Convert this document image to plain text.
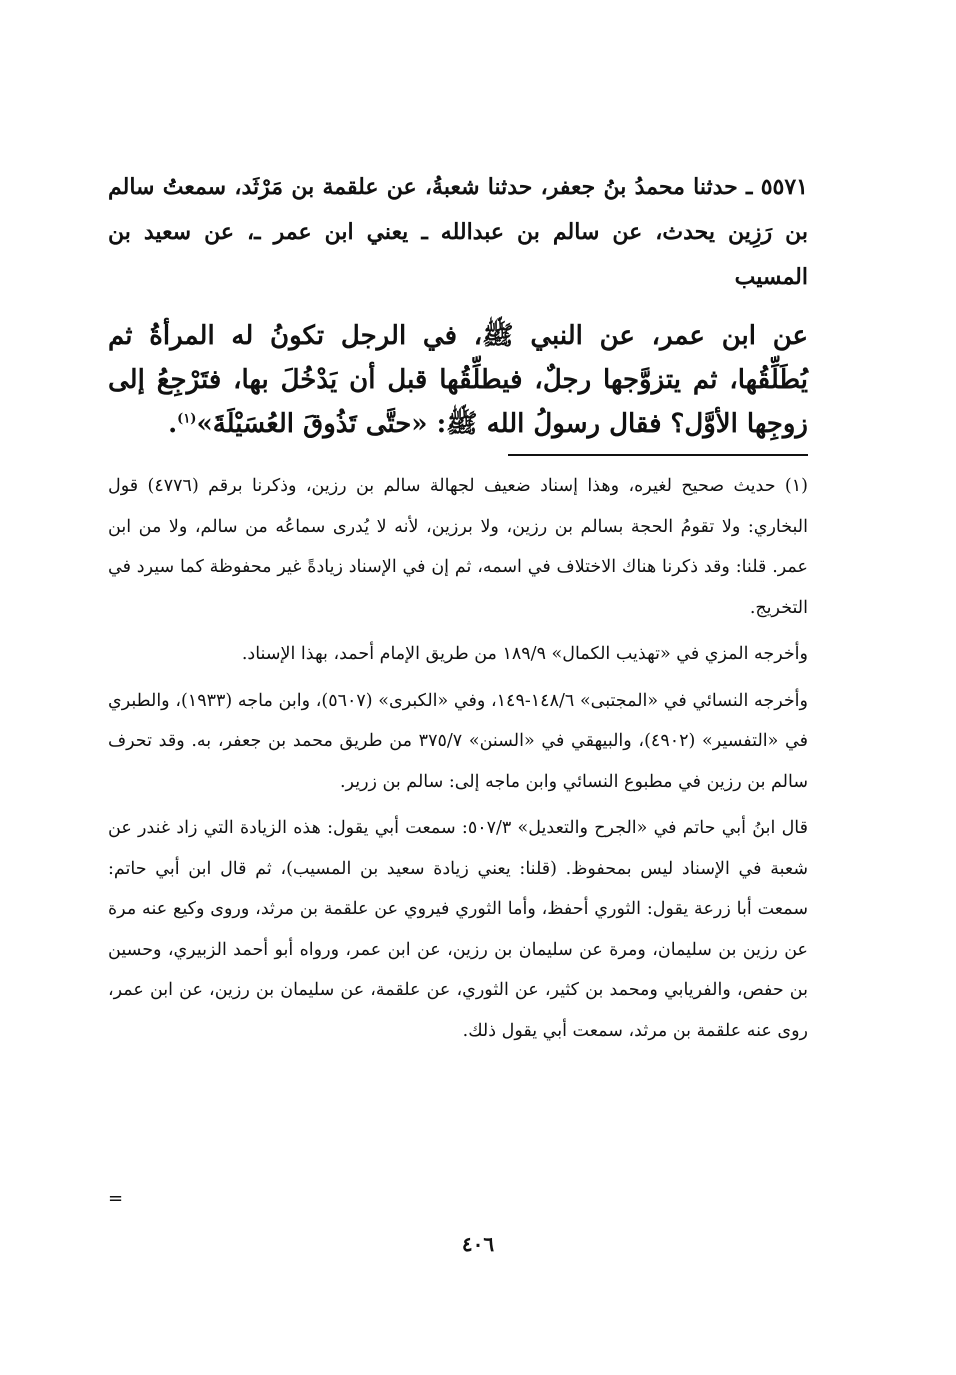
٥٥٧١ ـ حدثنا محمدُ بنُ جعفر، حدثنا شعبةُ، عن علقمة بن مَرْثَد، سمعتُ سالم بن رَزِين يحدث، عن سالم بن عبدالله ـ يعني ابن عمر ـ، عن سعيد بن المسيب

عن ابن عمر، عن النبي ﷺ، في الرجل تكونُ له المرأةُ ثم يُطَلِّقُها، ثم يتزوَّجها رجلٌ، فيطلِّقُها قبل أن يَدْخُلَ بها، فتَرْجِعُ إلى زوجِها الأوَّل؟ فقال رسولُ الله ﷺ: «حتَّى تَذُوقَ العُسَيْلَةَ»$^{(١)}$.

(١) حديث صحيح لغيره، وهذا إسناد ضعيف لجهالة سالم بن رزين، وذكرنا برقم (٤٧٧٦) قول البخاري: ولا تقومُ الحجة بسالم بن رزين، ولا برزين، لأنه لا يُدرى سماعُه من سالم، ولا من ابن عمر. قلنا: وقد ذكرنا هناك الاختلاف في اسمه، ثم إن في الإسناد زيادةً غير محفوظة كما سيرد في التخريج.

وأخرجه المزي في «تهذيب الكمال» ١٨٩/٩ من طريق الإمام أحمد، بهذا الإسناد.

وأخرجه النسائي في «المجتبى» ١٤٨/٦-١٤٩، وفي «الكبرى» (٥٦٠٧)، وابن ماجه (١٩٣٣)، والطبري في «التفسير» (٤٩٠٢)، والبيهقي في «السنن» ٣٧٥/٧ من طريق محمد بن جعفر، به. وقد تحرف سالم بن رزين في مطبوع النسائي وابن ماجه إلى: سالم بن زرير.

قال ابنُ أبي حاتم في «الجرح والتعديل» ٥٠٧/٣: سمعت أبي يقول: هذه الزيادة التي زاد غندر عن شعبة في الإسناد ليس بمحفوظ. (قلنا: يعني زيادة سعيد بن المسيب)، ثم قال ابن أبي حاتم: سمعت أبا زرعة يقول: الثوري أحفظ، وأما الثوري فيروي عن علقمة بن مرثد، وروى وكيع عنه مرة عن رزين بن سليمان، ومرة عن سليمان بن رزين، عن ابن عمر، ورواه أبو أحمد الزبيري، وحسين بن حفص، والفريابي ومحمد بن كثير، عن الثوري، عن علقمة، عن سليمان بن رزين، عن ابن عمر، روى عنه علقمة بن مرثد، سمعت أبي يقول ذلك.

=
٤٠٦
